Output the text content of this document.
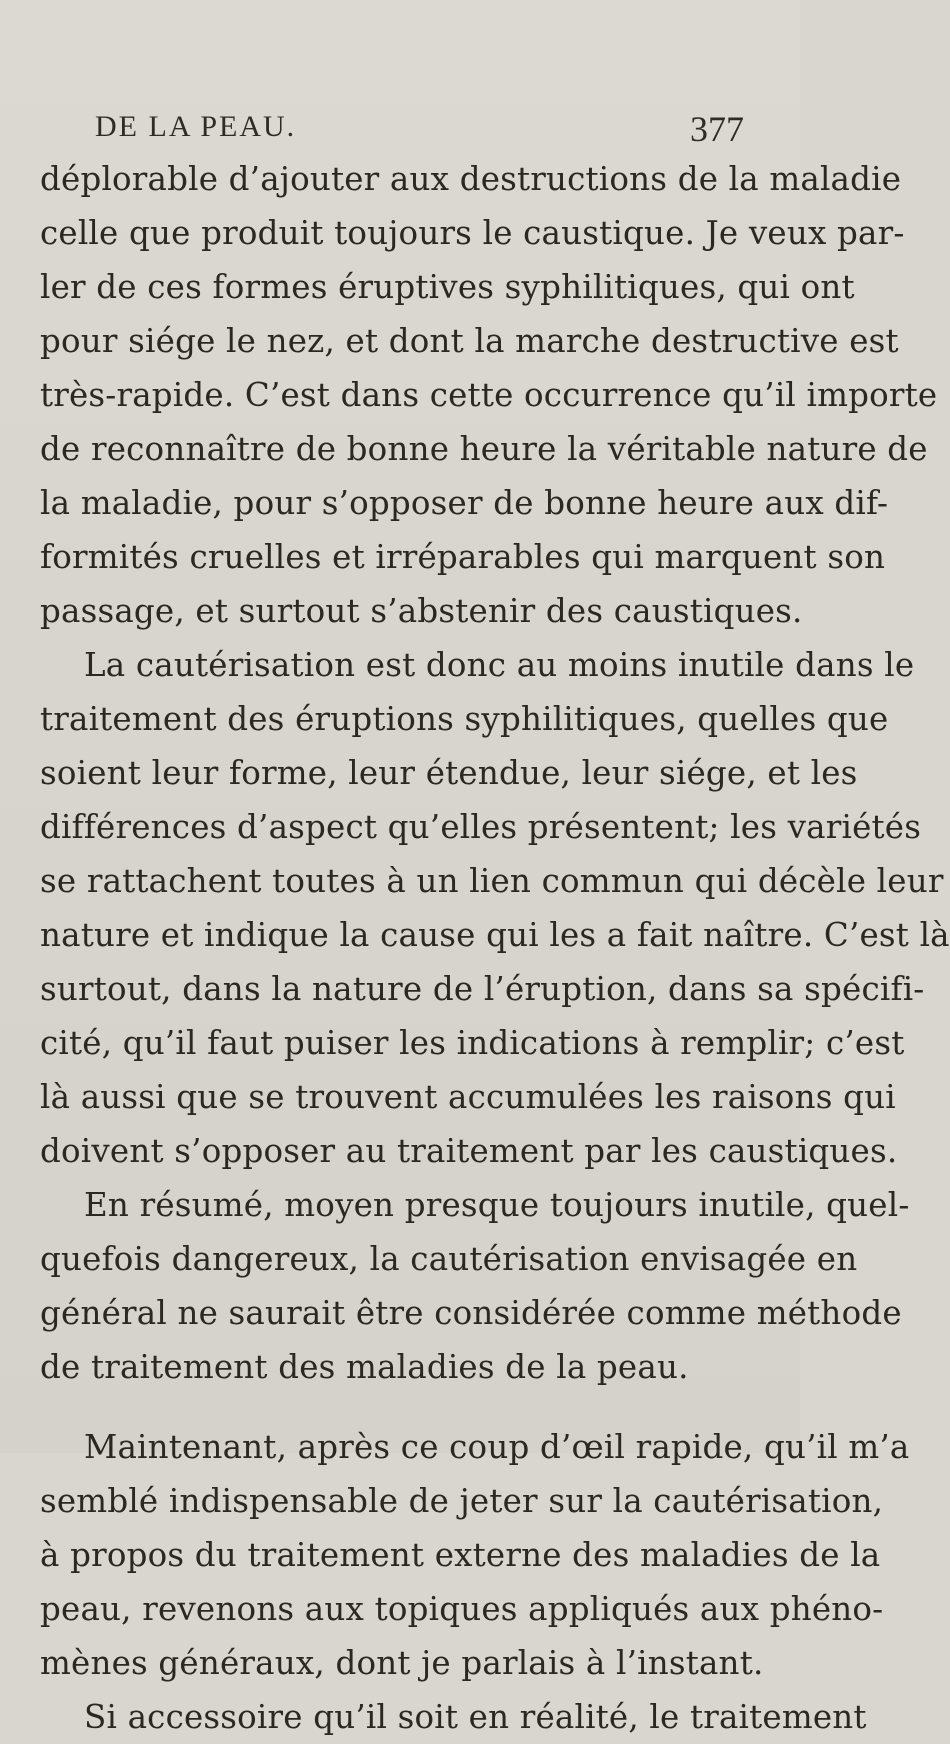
DE LA PEAU.	377
déplorable d’ajouter aux destructions de la maladie
celle que produit toujours le caustique. Je veux par-
ler de ces formes éruptives syphilitiques, qui ont
pour siége le nez, et dont la marche destructive est
très-rapide. C’est dans cette occurrence qu’il importe
de reconnaître de bonne heure la véritable nature de
la maladie, pour s’opposer de bonne heure aux dif-
formités cruelles et irréparables qui marquent son
passage, et surtout s’abstenir des caustiques.
La cautérisation est donc au moins inutile dans le
traitement des éruptions syphilitiques, quelles que
soient leur forme, leur étendue, leur siége, et les
différences d’aspect qu’elles présentent; les variétés
se rattachent toutes à un lien commun qui décèle leur
nature et indique la cause qui les a fait naître. C’est là
surtout, dans la nature de l’éruption, dans sa spécifi-
cité, qu’il faut puiser les indications à remplir; c’est
là aussi que se trouvent accumulées les raisons qui
doivent s’opposer au traitement par les caustiques.
En résumé, moyen presque toujours inutile, quel-
quefois dangereux, la cautérisation envisagée en
général ne saurait être considérée comme méthode
de traitement des maladies de la peau.
Maintenant, après ce coup d’œil rapide, qu’il m’a
semblé indispensable de jeter sur la cautérisation,
à propos du traitement externe des maladies de la
peau, revenons aux topiques appliqués aux phéno-
mènes généraux, dont je parlais à l’instant.
Si accessoire qu’il soit en réalité, le traitement
